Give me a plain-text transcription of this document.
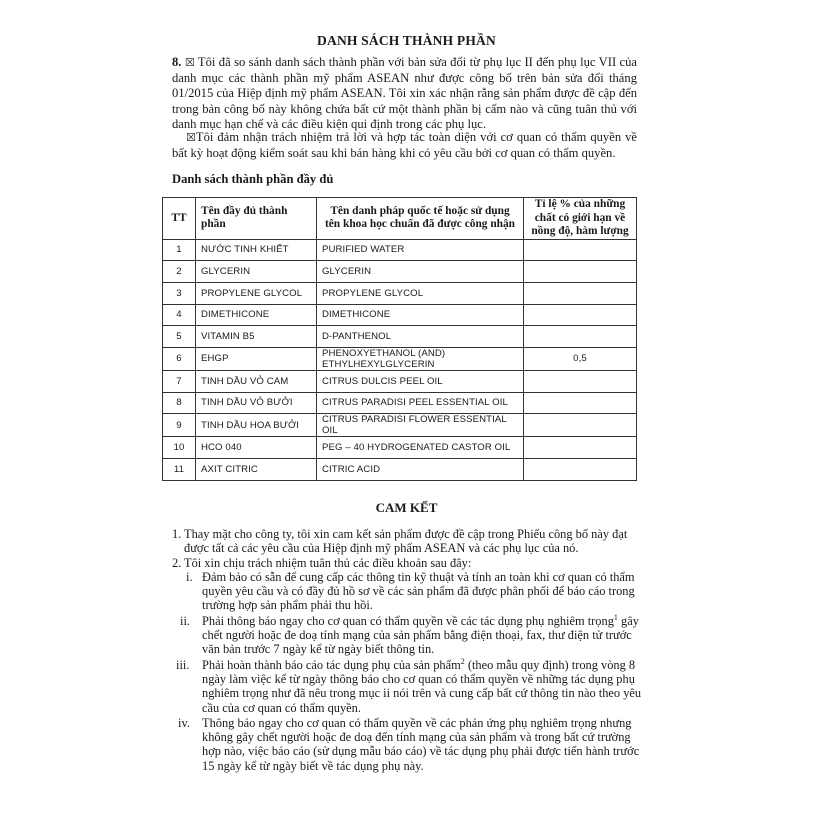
DANH SÁCH THÀNH PHẦN
8. ☒ Tôi đã so sánh danh sách thành phần với bản sửa đổi từ phụ lục II đến phụ lục VII của danh mục các thành phần mỹ phẩm ASEAN như được công bố trên bản sửa đổi tháng 01/2015 của Hiệp định mỹ phẩm ASEAN. Tôi xin xác nhận rằng sản phẩm được đề cập đến trong bản công bố này không chứa bất cứ một thành phần bị cấm nào và cũng tuân thủ với danh mục hạn chế và các điều kiện qui định trong các phụ lục.
☒Tôi đảm nhận trách nhiệm trả lời và hợp tác toàn diện với cơ quan có thẩm quyền về bất kỳ hoạt động kiểm soát sau khi bán hàng khi có yêu cầu bởi cơ quan có thẩm quyền.
Danh sách thành phần đầy đủ
TT	Tên đầy đủ thành phần	Tên danh pháp quốc tế hoặc sử dụng tên khoa học chuẩn đã được công nhận	Tỉ lệ % của những chất có giới hạn về nồng độ, hàm lượng
1	NƯỚC TINH KHIẾT	PURIFIED WATER	
2	GLYCERIN	GLYCERIN	
3	PROPYLENE GLYCOL	PROPYLENE GLYCOL	
4	DIMETHICONE	DIMETHICONE	
5	VITAMIN B5	D-PANTHENOL	
6	EHGP	PHENOXYETHANOL (AND) ETHYLHEXYLGLYCERIN	0,5
7	TINH DẦU VỎ CAM	CITRUS DULCIS PEEL OIL	
8	TINH DẦU VỎ BƯỞI	CITRUS PARADISI PEEL ESSENTIAL OIL	
9	TINH DẦU HOA BƯỞI	CITRUS PARADISI FLOWER ESSENTIAL OIL	
10	HCO 040	PEG – 40 HYDROGENATED CASTOR OIL	
11	AXIT CITRIC	CITRIC ACID	
CAM KẾT
1. Thay mặt cho công ty, tôi xin cam kết sản phẩm được đề cập trong Phiếu công bố này đạt được tất cả các yêu cầu của Hiệp định mỹ phẩm ASEAN và các phụ lục của nó.
2. Tôi xin chịu trách nhiệm tuân thủ các điều khoản sau đây:
i. Đảm bảo có sẵn để cung cấp các thông tin kỹ thuật và tính an toàn khi cơ quan có thẩm quyền yêu cầu và có đầy đủ hồ sơ về các sản phẩm đã được phân phối để báo cáo trong trường hợp sản phẩm phải thu hồi.
ii. Phải thông báo ngay cho cơ quan có thẩm quyền về các tác dụng phụ nghiêm trọng$^1$ gây chết người hoặc đe doạ tính mạng của sản phẩm bằng điện thoại, fax, thư điện tử trước văn bản trước 7 ngày kể từ ngày biết thông tin.
iii. Phải hoàn thành báo cáo tác dụng phụ của sản phẩm$^2$ (theo mẫu quy định) trong vòng 8 ngày làm việc kể từ ngày thông báo cho cơ quan có thẩm quyền về những tác dụng phụ nghiêm trọng như đã nêu trong mục ii nói trên và cung cấp bất cứ thông tin nào theo yêu cầu của cơ quan có thẩm quyền.
iv. Thông báo ngay cho cơ quan có thẩm quyền về các phản ứng phụ nghiêm trọng nhưng không gây chết người hoặc đe doạ đến tính mạng của sản phẩm và trong bất cứ trường hợp nào, việc báo cáo (sử dụng mẫu báo cáo) về tác dụng phụ phải được tiến hành trước 15 ngày kể từ ngày biết về tác dụng phụ này.
